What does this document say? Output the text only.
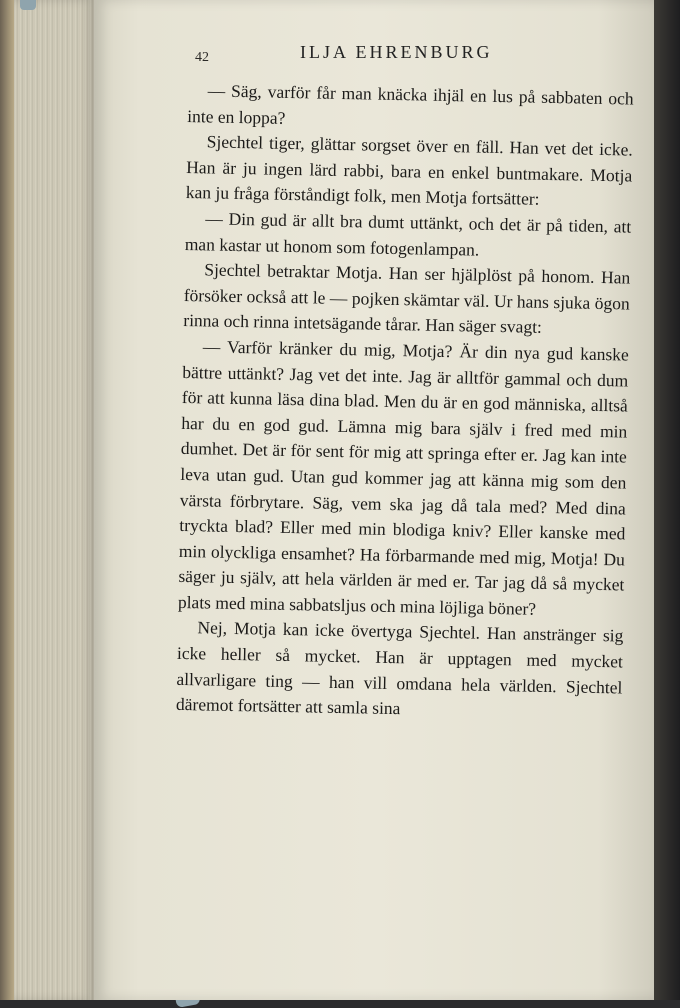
42	ILJA EHRENBURG

— Säg, varför får man knäcka ihjäl en lus på sabbaten och inte en loppa?

Sjechtel tiger, glättar sorgset över en fäll. Han vet det icke. Han är ju ingen lärd rabbi, bara en enkel buntmakare. Motja kan ju fråga förståndigt folk, men Motja fortsätter:

— Din gud är allt bra dumt uttänkt, och det är på tiden, att man kastar ut honom som fotogenlampan.

Sjechtel betraktar Motja. Han ser hjälplöst på honom. Han försöker också att le — pojken skämtar väl. Ur hans sjuka ögon rinna och rinna intetsägande tårar. Han säger svagt:

— Varför kränker du mig, Motja? Är din nya gud kanske bättre uttänkt? Jag vet det inte. Jag är alltför gammal och dum för att kunna läsa dina blad. Men du är en god människa, alltså har du en god gud. Lämna mig bara själv i fred med min dumhet. Det är för sent för mig att springa efter er. Jag kan inte leva utan gud. Utan gud kommer jag att känna mig som den värsta förbrytare. Säg, vem ska jag då tala med? Med dina tryckta blad? Eller med min blodiga kniv? Eller kanske med min olyckliga ensamhet? Ha förbarmande med mig, Motja! Du säger ju själv, att hela världen är med er. Tar jag då så mycket plats med mina sabbatsljus och mina löjliga böner?

Nej, Motja kan icke övertyga Sjechtel. Han anstränger sig icke heller så mycket. Han är upptagen med mycket allvarligare ting — han vill omdana hela världen. Sjechtel däremot fortsätter att samla sina
